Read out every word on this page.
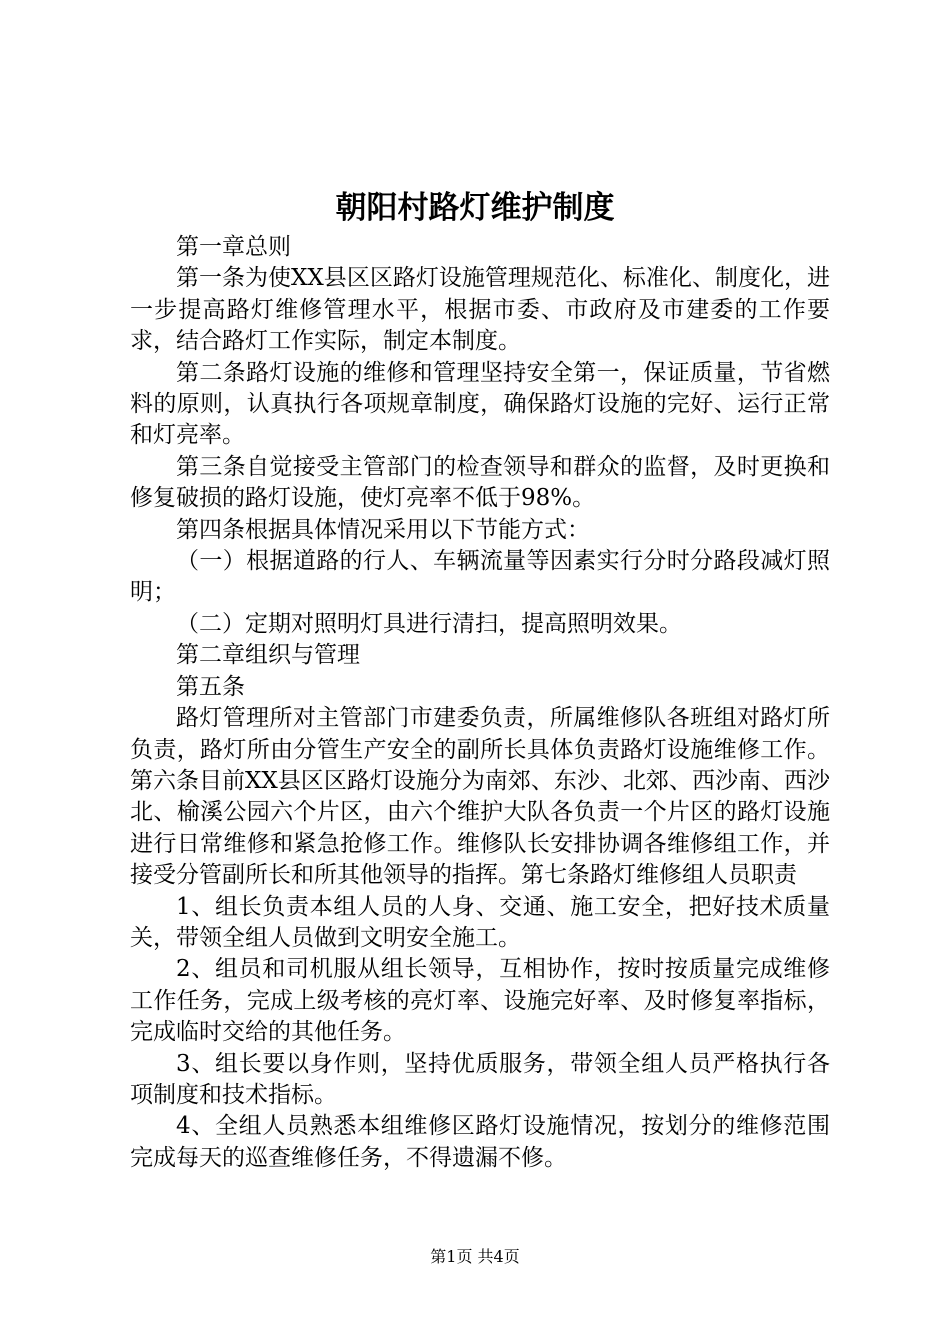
朝阳村路灯维护制度

第一章总则

第一条为使XX县区区路灯设施管理规范化、标准化、制度化，进一步提高路灯维修管理水平，根据市委、市政府及市建委的工作要求，结合路灯工作实际，制定本制度。

第二条路灯设施的维修和管理坚持安全第一，保证质量，节省燃料的原则，认真执行各项规章制度，确保路灯设施的完好、运行正常和灯亮率。

第三条自觉接受主管部门的检查领导和群众的监督，及时更换和修复破损的路灯设施，使灯亮率不低于98%。

第四条根据具体情况采用以下节能方式：

（一）根据道路的行人、车辆流量等因素实行分时分路段减灯照明；

（二）定期对照明灯具进行清扫，提高照明效果。

第二章组织与管理

第五条

路灯管理所对主管部门市建委负责，所属维修队各班组对路灯所负责，路灯所由分管生产安全的副所长具体负责路灯设施维修工作。第六条目前XX县区区路灯设施分为南郊、东沙、北郊、西沙南、西沙北、榆溪公园六个片区，由六个维护大队各负责一个片区的路灯设施进行日常维修和紧急抢修工作。维修队长安排协调各维修组工作，并接受分管副所长和所其他领导的指挥。第七条路灯维修组人员职责

1、组长负责本组人员的人身、交通、施工安全，把好技术质量关，带领全组人员做到文明安全施工。

2、组员和司机服从组长领导，互相协作，按时按质量完成维修工作任务，完成上级考核的亮灯率、设施完好率、及时修复率指标，完成临时交给的其他任务。

3、组长要以身作则，坚持优质服务，带领全组人员严格执行各项制度和技术指标。

4、全组人员熟悉本组维修区路灯设施情况，按划分的维修范围完成每天的巡查维修任务，不得遗漏不修。

第1页 共4页
